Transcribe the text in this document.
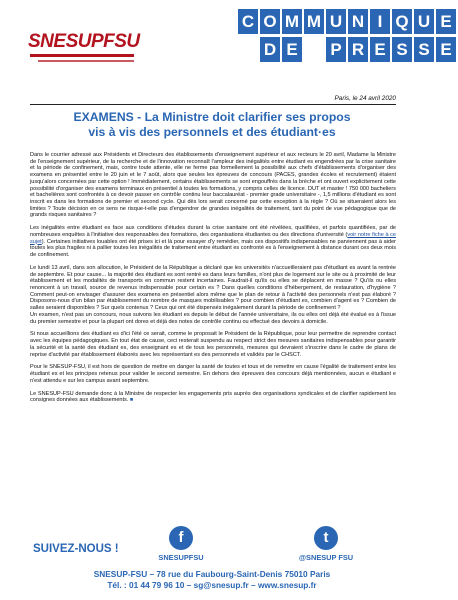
SNESUPFSU
C O M M U N I Q U E
D E P R E S S E
Paris, le 24 avril 2020
EXAMENS - La Ministre doit clarifier ses propos
vis à vis des personnels et des étudiant·es

Dans le courrier adressé aux Présidents et Directeurs des établissements d'enseignement supérieur et aux recteurs le 20 avril, Madame la Ministre de l'enseignement supérieur, de la recherche et de l'innovation reconnaît l'ampleur des inégalités entre étudiant es engendrées par la crise sanitaire et la période de confinement, mais, contre toute attente, elle ne ferme pas formellement la possibilité aux chefs d'établissements d'organiser des examens en présentiel entre le 20 juin et le 7 août, alors que seules les épreuves de concours (PACES, grandes écoles et recrutement) étaient jusqu'alors concernées par cette option ! Immédiatement, certains établissements se sont engouffrés dans la brèche et ont ouvert explicitement cette possibilité d'organiser des examens terminaux en présentiel à toutes les formations, y compris celles de licence. DUT et master ! 750 000 bacheliers et bachelières sont confrontés à ce devoir passer en contrôle continu leur baccalauréat - premier grade universitaire -, 1,5 millions d'étudiant es sont inscrit es dans les formations de premier et second cycle. Qui dès lors serait concerné par cette exception à la règle ? Où se situeraient alors les limites ? Toute décision en ce sens ne risque-t-elle pas d'engendrer de grandes inégalités de traitement, tant du point de vue pédagogique que de grands risques sanitaires ?

Les inégalités entre étudiant es face aux conditions d'études durant la crise sanitaire ont été révélées, qualifiées, et parfois quantifiées, par de nombreuses enquêtes à l'initiative des responsables des formations, des organisations étudiantes ou des directions d'université (voir notre fiche à ce sujet). Certaines initiatives louables ont été prises ici et là pour essayer d'y remédier, mais ces dispositifs indispensables ne parviennent pas à aider toutes les plus fragiles ni à pallier toutes les inégalités de traitement entre étudiant es confronté es à l'enseignement à distance durant ces deux mois de confinement.

Le lundi 13 avril, dans son allocution, le Président de la République a déclaré que les universités n'accueilleraient pas d'étudiant es avant la rentrée de septembre. Et pour cause... la majorité des étudiant es sont rentré es dans leurs familles, n'ont plus de logement sur le site ou à proximité de leur établissement et les modalités de transports en commun restent incertaines. Faudrait-il qu'ils ou elles se déplacent en masse ? Qu'ils ou elles renoncent à un travail, source de revenus indispensable pour certain es ? Dans quelles conditions d'hébergement, de restauration, d'hygiène ? Comment peut-on envisager d'assurer des examens en présentiel alors même que le plan de retour à l'activité des personnels n'est pas élaboré ? Disposons-nous d'un bilan par établissement du nombre de masques mobilisables ? pour combien d'étudiant es, combien d'agent es ? Combien de salles seraient disponibles ? Sur quels contenus ? Ceux qui ont été dispensés inégalement durant la période de confinement ?

Un examen, n'est pas un concours, nous suivons les étudiant es depuis le début de l'année universitaire, ils ou elles ont déjà été évalué es à l'issue du premier semestre et pour la plupart ont dores et déjà des notes de contrôle continu ou effectué des devoirs à domicile.

Si nous accueillions des étudiant es d'ici l'été ce serait, comme le proposait le Président de la République, pour leur permettre de reprendre contact avec les équipes pédagogiques. En tout état de cause, ceci resterait suspendu au respect strict des mesures sanitaires indispensables pour garantir la sécurité et la santé des étudiant es, des enseignant es et de tous les personnels, mesures qui devraient s'inscrire dans le cadre de plans de reprise d'activité par établissement élaborés avec les représentant es des personnels et validés par le CHSCT.

Pour le SNESUP-FSU, il est hors de question de mettre en danger la santé de toutes et tous et de remettre en cause l'égalité de traitement entre les étudiant es et les principes retenus pour valider le second semestre. En dehors des épreuves des concours déjà mentionnées, aucun e étudiant e n'est attendu e sur les campus avant septembre.

Le SNESUP-FSU demande donc à la Ministre de respecter les engagements pris auprès des organisations syndicales et de clarifier rapidement les consignes données aux établissements. ■

SUIVEZ-NOUS !
f
SNESUPFSU
t
@SNESUP FSU
SNESUP-FSU – 78 rue du Faubourg-Saint-Denis 75010 Paris
Tél. : 01 44 79 96 10 – sg@snesup.fr – www.snesup.fr
